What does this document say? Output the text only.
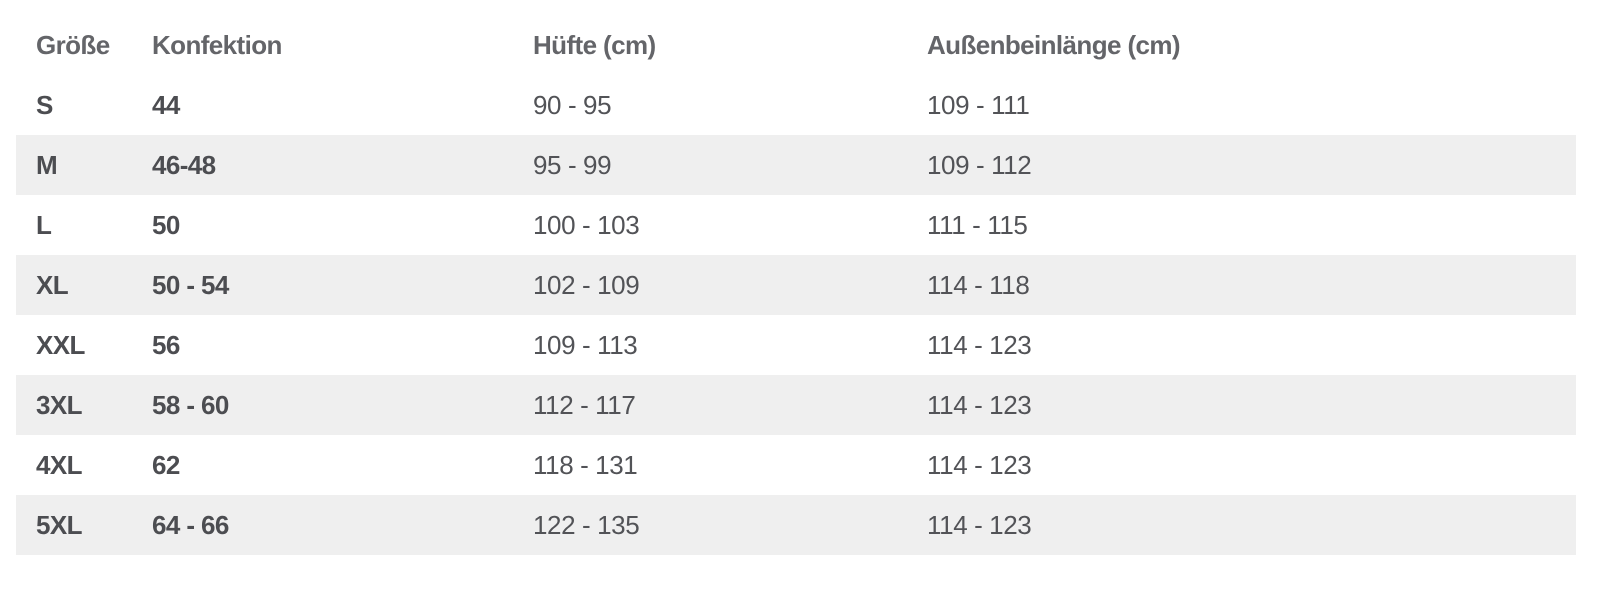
Größe	Konfektion	Hüfte (cm)	Außenbeinlänge (cm)
S	44	90 - 95	109 - 111
M	46-48	95 - 99	109 - 112
L	50	100 - 103	111 - 115
XL	50 - 54	102 - 109	114 - 118
XXL	56	109 - 113	114 - 123
3XL	58 - 60	112 - 117	114 - 123
4XL	62	118 - 131	114 - 123
5XL	64 - 66	122 - 135	114 - 123
